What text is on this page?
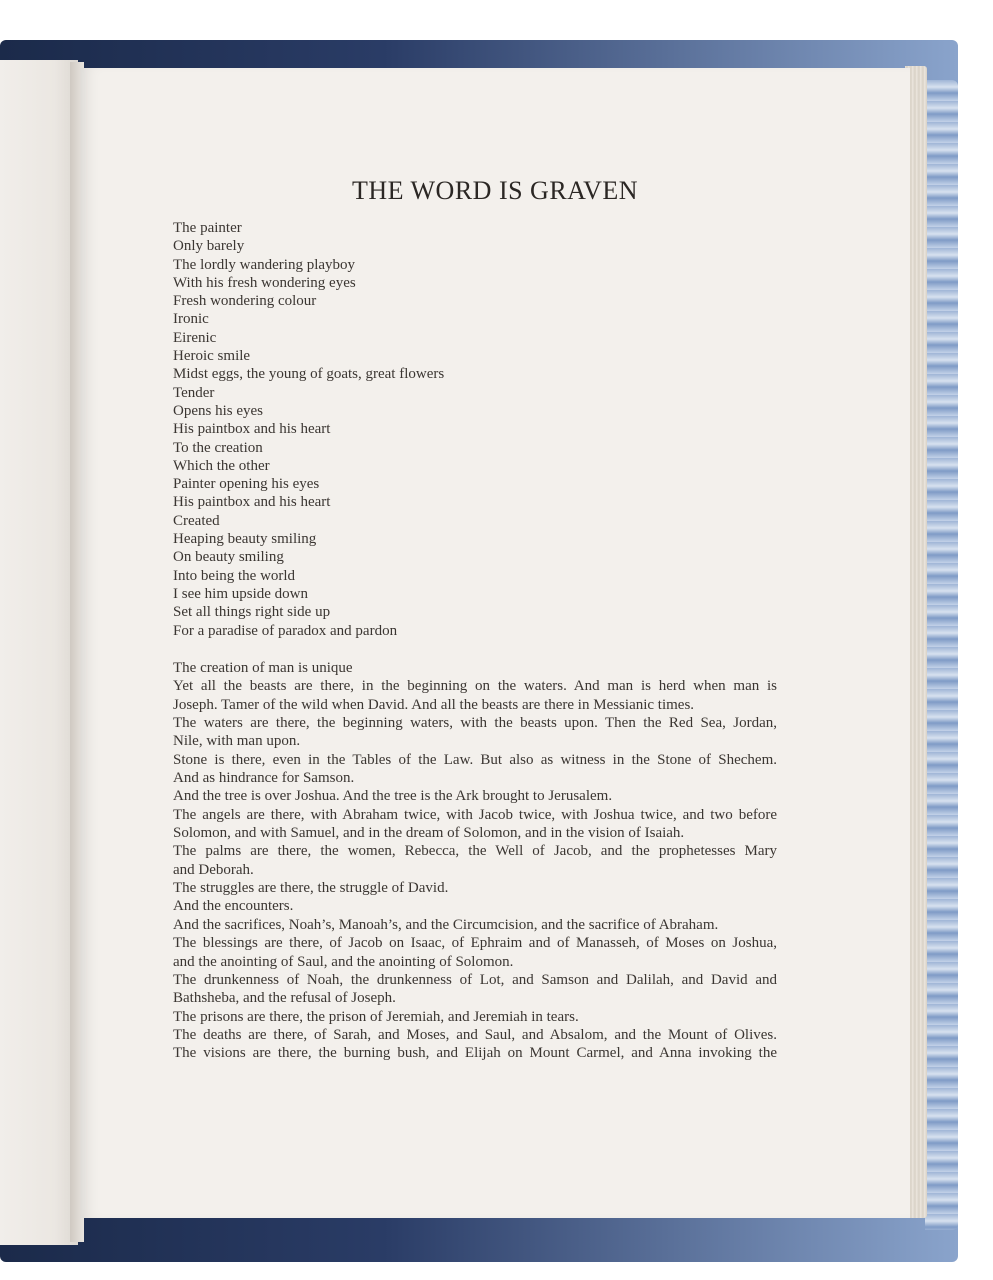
THE WORD IS GRAVEN
The painter
Only barely
The lordly wandering playboy
With his fresh wondering eyes
Fresh wondering colour
Ironic
Eirenic
Heroic smile
Midst eggs, the young of goats, great flowers
Tender
Opens his eyes
His paintbox and his heart
To the creation
Which the other
Painter opening his eyes
His paintbox and his heart
Created
Heaping beauty smiling
On beauty smiling
Into being the world
I see him upside down
Set all things right side up
For a paradise of paradox and pardon
The creation of man is unique
Yet all the beasts are there, in the beginning on the waters. And man is herd when man is
Joseph. Tamer of the wild when David. And all the beasts are there in Messianic times.
The waters are there, the beginning waters, with the beasts upon. Then the Red Sea, Jordan,
Nile, with man upon.
Stone is there, even in the Tables of the Law. But also as witness in the Stone of Shechem.
And as hindrance for Samson.
And the tree is over Joshua. And the tree is the Ark brought to Jerusalem.
The angels are there, with Abraham twice, with Jacob twice, with Joshua twice, and two before
Solomon, and with Samuel, and in the dream of Solomon, and in the vision of Isaiah.
The palms are there, the women, Rebecca, the Well of Jacob, and the prophetesses Mary
and Deborah.
The struggles are there, the struggle of David.
And the encounters.
And the sacrifices, Noah’s, Manoah’s, and the Circumcision, and the sacrifice of Abraham.
The blessings are there, of Jacob on Isaac, of Ephraim and of Manasseh, of Moses on Joshua,
and the anointing of Saul, and the anointing of Solomon.
The drunkenness of Noah, the drunkenness of Lot, and Samson and Dalilah, and David and
Bathsheba, and the refusal of Joseph.
The prisons are there, the prison of Jeremiah, and Jeremiah in tears.
The deaths are there, of Sarah, and Moses, and Saul, and Absalom, and the Mount of Olives.
The visions are there, the burning bush, and Elijah on Mount Carmel, and Anna invoking the
